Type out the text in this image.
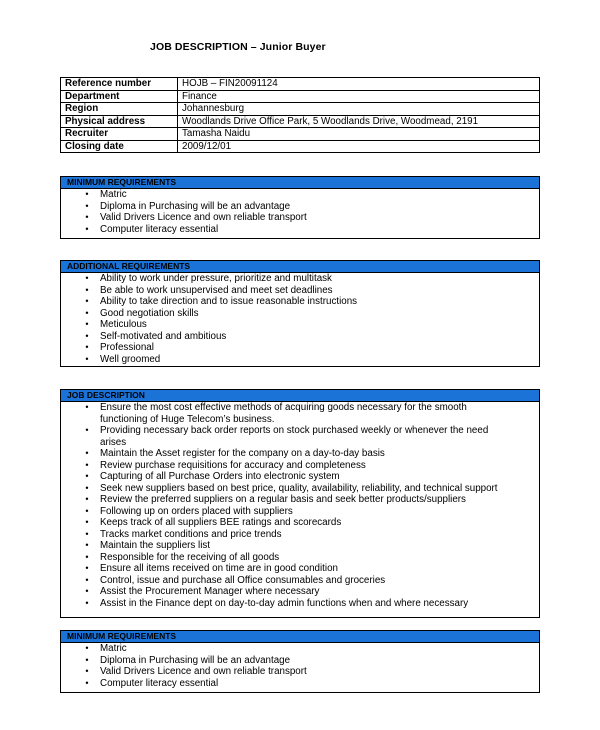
JOB DESCRIPTION – Junior Buyer
Reference number	HOJB – FIN20091124
Department	Finance
Region	Johannesburg
Physical address	Woodlands Drive Office Park, 5 Woodlands Drive, Woodmead, 2191
Recruiter	Tamasha Naidu
Closing date	2009/12/01
MINIMUM REQUIREMENTS
•	Matric
•	Diploma in Purchasing will be an advantage
•	Valid Drivers Licence and own reliable transport
•	Computer literacy essential
ADDITIONAL REQUIREMENTS
•	Ability to work under pressure, prioritize and multitask
•	Be able to work unsupervised and meet set deadlines
•	Ability to take direction and to issue reasonable instructions
•	Good negotiation skills
•	Meticulous
•	Self-motivated and ambitious
•	Professional
•	Well groomed
JOB DESCRIPTION
•	Ensure the most cost effective methods of acquiring goods necessary for the smooth functioning of Huge Telecom’s business.
•	Providing necessary back order reports on stock purchased weekly or whenever the need arises
•	Maintain the Asset register for the company on a day-to-day basis
•	Review purchase requisitions for accuracy and completeness
•	Capturing of all Purchase Orders into electronic system
•	Seek new suppliers based on best price, quality, availability, reliability, and technical support
•	Review the preferred suppliers on a regular basis and seek better products/suppliers
•	Following up on orders placed with suppliers
•	Keeps track of all suppliers BEE ratings and scorecards
•	Tracks market conditions and price trends
•	Maintain the suppliers list
•	Responsible for the receiving of all goods
•	Ensure all items received on time are in good condition
•	Control, issue and purchase all Office consumables and groceries
•	Assist the Procurement Manager where necessary
•	Assist in the Finance dept on day-to-day admin functions when and where necessary
MINIMUM REQUIREMENTS
•	Matric
•	Diploma in Purchasing will be an advantage
•	Valid Drivers Licence and own reliable transport
•	Computer literacy essential
